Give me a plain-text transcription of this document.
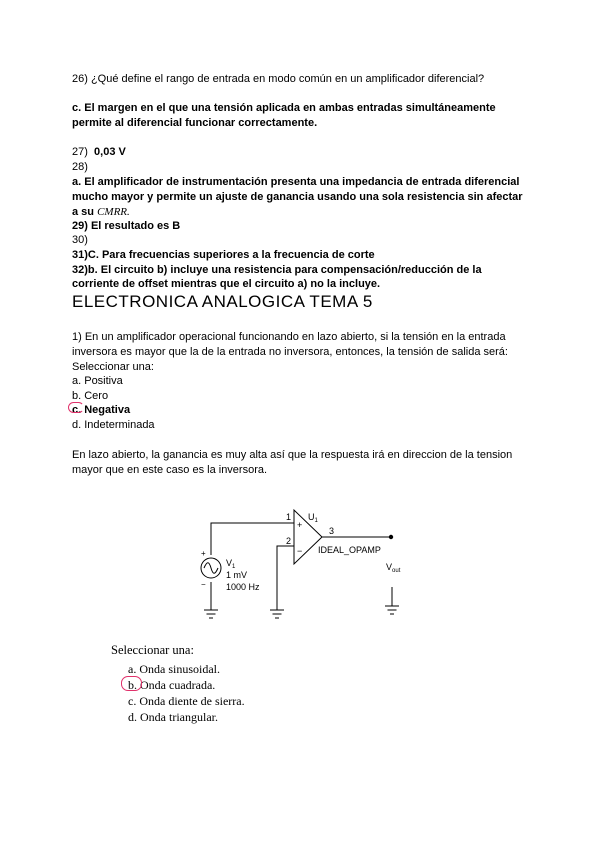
26) ¿Qué define el rango de entrada en modo común en un amplificador diferencial?
c. El margen en el que una tensión aplicada en ambas entradas simultáneamente
permite al diferencial funcionar correctamente.
27) 0,03 V
28)
a. El amplificador de instrumentación presenta una impedancia de entrada diferencial
mucho mayor y permite un ajuste de ganancia usando una sola resistencia sin afectar
a su CMRR.
29) El resultado es B
30)
31)C. Para frecuencias superiores a la frecuencia de corte
32)b. El circuito b) incluye una resistencia para compensación/reducción de la
corriente de offset mientras que el circuito a) no la incluye.
ELECTRONICA ANALOGICA TEMA 5
1) En un amplificador operacional funcionando en lazo abierto, si la tensión en la entrada
inversora es mayor que la de la entrada no inversora, entonces, la tensión de salida será:
Seleccionar una:
a. Positiva
b. Cero
c. Negativa
d. Indeterminada
En lazo abierto, la ganancia es muy alta así que la respuesta irá en direccion de la tension
mayor que en este caso es la inversora.
1
2
3
+
−
$U_1$
IDEAL_OPAMP
+
−
$V_1$
1 mV
1000 Hz
$V_{out}$
Seleccionar una:
a. Onda sinusoidal.
b. Onda cuadrada.
c. Onda diente de sierra.
d. Onda triangular.
